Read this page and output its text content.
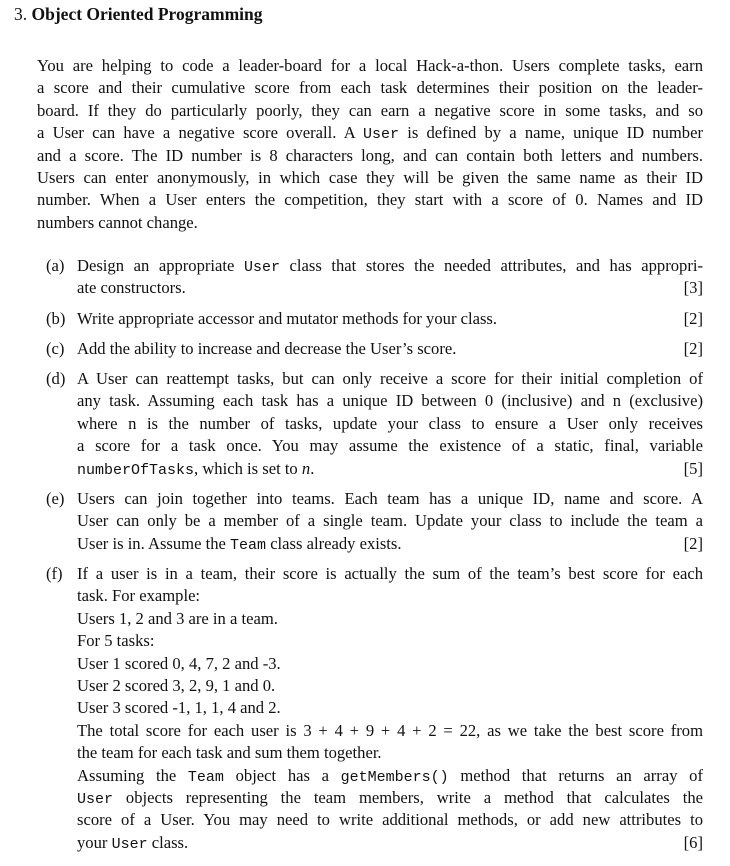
3. Object Oriented Programming
You are helping to code a leader-board for a local Hack-a-thon. Users complete tasks, earn
a score and their cumulative score from each task determines their position on the leader-
board. If they do particularly poorly, they can earn a negative score in some tasks, and so
a User can have a negative score overall. A User is defined by a name, unique ID number
and a score. The ID number is 8 characters long, and can contain both letters and numbers.
Users can enter anonymously, in which case they will be given the same name as their ID
number. When a User enters the competition, they start with a score of 0. Names and ID
numbers cannot change.
(a) Design an appropriate User class that stores the needed attributes, and has appropri-
ate constructors.	[3]
(b) Write appropriate accessor and mutator methods for your class.	[2]
(c) Add the ability to increase and decrease the User’s score.	[2]
(d) A User can reattempt tasks, but can only receive a score for their initial completion of
any task. Assuming each task has a unique ID between 0 (inclusive) and n (exclusive)
where n is the number of tasks, update your class to ensure a User only receives
a score for a task once. You may assume the existence of a static, final, variable
numberOfTasks, which is set to n.	[5]
(e) Users can join together into teams. Each team has a unique ID, name and score. A
User can only be a member of a single team. Update your class to include the team a
User is in. Assume the Team class already exists.	[2]
(f) If a user is in a team, their score is actually the sum of the team’s best score for each
task. For example:
Users 1, 2 and 3 are in a team.
For 5 tasks:
User 1 scored 0, 4, 7, 2 and -3.
User 2 scored 3, 2, 9, 1 and 0.
User 3 scored -1, 1, 1, 4 and 2.
The total score for each user is 3 + 4 + 9 + 4 + 2 = 22, as we take the best score from
the team for each task and sum them together.
Assuming the Team object has a getMembers() method that returns an array of
User objects representing the team members, write a method that calculates the
score of a User. You may need to write additional methods, or add new attributes to
your User class.	[6]
